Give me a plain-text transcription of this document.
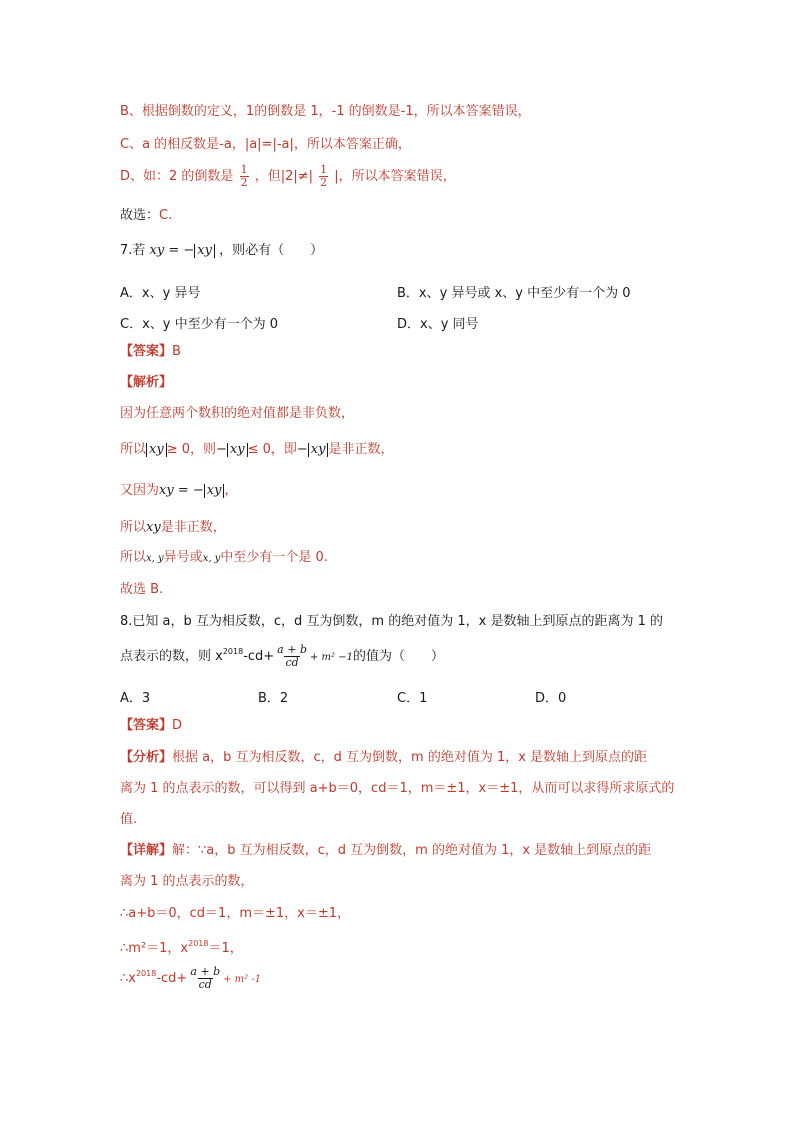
B、根据倒数的定义，1的倒数是 1，-1 的倒数是-1，所以本答案错误，
C、a 的相反数是-a，|a|=|-a|，所以本答案正确，
D、如：2 的倒数是 $\frac{1}{2}$ ，但$|2|\ne| \frac{1}{2}$ |，所以本答案错误，
故选：C.
7.若 xy = − xy ，则必有（　　）
A．x、y 异号	B．x、y 异号或 x、y 中至少有一个为 0
C．x、y 中至少有一个为 0	D．x、y 同号
【答案】B
【解析】
因为任意两个数积的绝对值都是非负数，
所以 xy ≥ 0，则− xy ≤ 0，即− xy 是非正数，
又因为xy = − xy ，
所以xy是非正数，
所以x, y异号或x, y中至少有一个是 0.
故选 B.
8.已知 a，b 互为相反数，c，d 互为倒数，m 的绝对值为 1，x 是数轴上到原点的距离为 1 的
点表示的数，则 $x^{2018}-cd+ \frac{a + b}{cd} + m^2 -1$的值为（　　）
A．3	B．2	C．1	D．0
【答案】D
【分析】根据 a，b 互为相反数，c，d 互为倒数，m 的绝对值为 1，x 是数轴上到原点的距
离为 1 的点表示的数，可以得到 a+b＝0，cd＝1，m＝±1，x＝±1，从而可以求得所求原式的
值.
【详解】解：∵a，b 互为相反数，c，d 互为倒数，m 的绝对值为 1，x 是数轴上到原点的距
离为 1 的点表示的数，
∴a+b＝0，cd＝1，m＝±1，x＝±1，
∴m²＝1，$x^{2018}=1$，
$\therefore x^{2018}-cd+ \frac{a + b}{cd} + m^2$ -1
